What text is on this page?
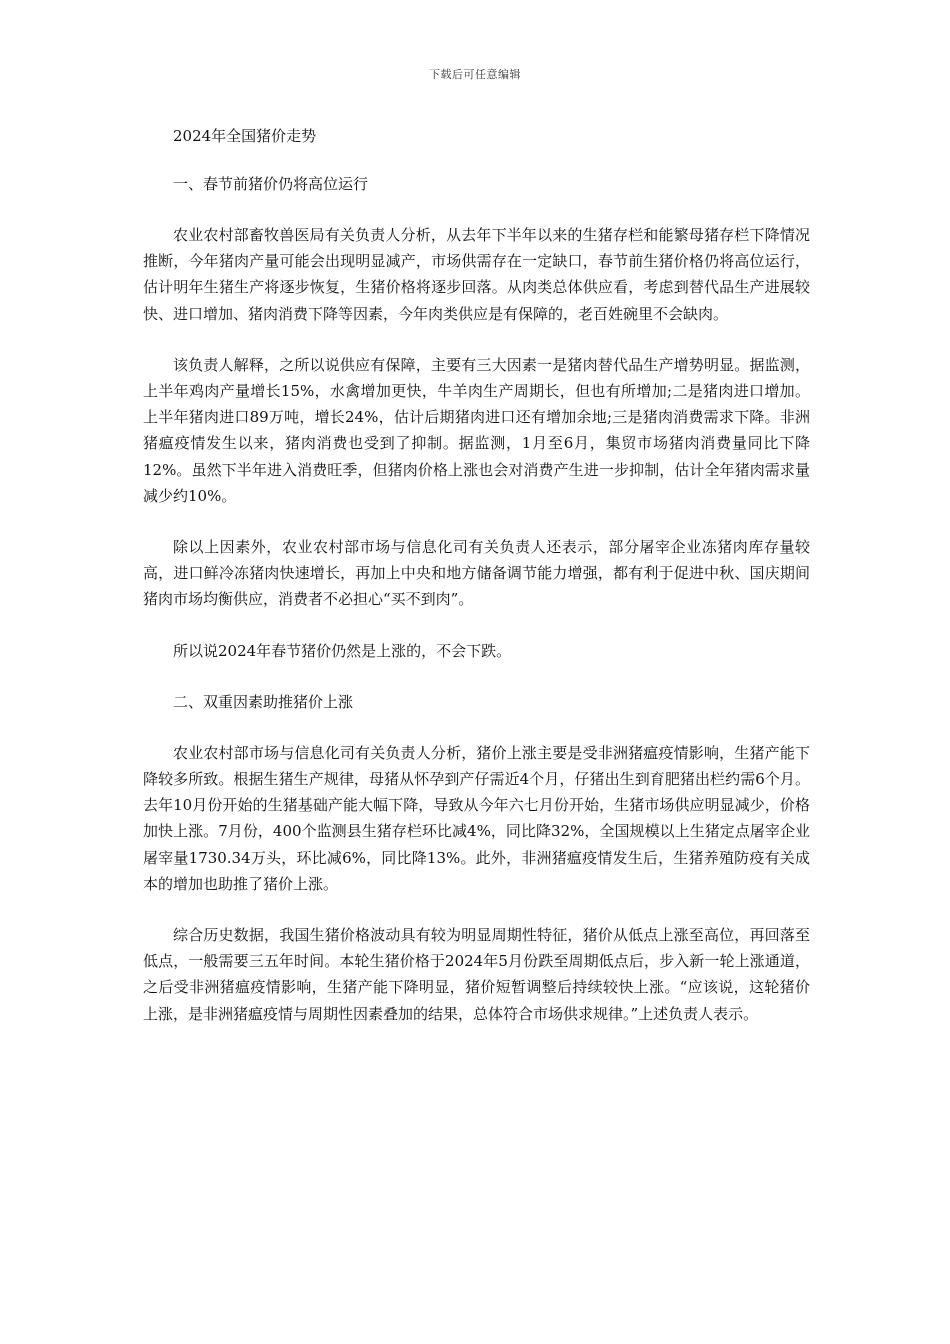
下载后可任意编辑

2024年全国猪价走势

一、春节前猪价仍将高位运行

农业农村部畜牧兽医局有关负责人分析，从去年下半年以来的生猪存栏和能繁母猪存栏下降情况推断，今年猪肉产量可能会出现明显减产，市场供需存在一定缺口，春节前生猪价格仍将高位运行，估计明年生猪生产将逐步恢复，生猪价格将逐步回落。从肉类总体供应看，考虑到替代品生产进展较快、进口增加、猪肉消费下降等因素，今年肉类供应是有保障的，老百姓碗里不会缺肉。

该负责人解释，之所以说供应有保障，主要有三大因素一是猪肉替代品生产增势明显。据监测，上半年鸡肉产量增长15%，水禽增加更快，牛羊肉生产周期长，但也有所增加;二是猪肉进口增加。上半年猪肉进口89万吨，增长24%，估计后期猪肉进口还有增加余地;三是猪肉消费需求下降。非洲猪瘟疫情发生以来，猪肉消费也受到了抑制。据监测，1月至6月，集贸市场猪肉消费量同比下降12%。虽然下半年进入消费旺季，但猪肉价格上涨也会对消费产生进一步抑制，估计全年猪肉需求量减少约10%。

除以上因素外，农业农村部市场与信息化司有关负责人还表示，部分屠宰企业冻猪肉库存量较高，进口鲜冷冻猪肉快速增长，再加上中央和地方储备调节能力增强，都有利于促进中秋、国庆期间猪肉市场均衡供应，消费者不必担心“买不到肉”。

所以说2024年春节猪价仍然是上涨的，不会下跌。

二、双重因素助推猪价上涨

农业农村部市场与信息化司有关负责人分析，猪价上涨主要是受非洲猪瘟疫情影响，生猪产能下降较多所致。根据生猪生产规律，母猪从怀孕到产仔需近4个月，仔猪出生到育肥猪出栏约需6个月。去年10月份开始的生猪基础产能大幅下降，导致从今年六七月份开始，生猪市场供应明显减少，价格加快上涨。7月份，400个监测县生猪存栏环比减4%，同比降32%，全国规模以上生猪定点屠宰企业屠宰量1730.34万头，环比减6%，同比降13%。此外，非洲猪瘟疫情发生后，生猪养殖防疫有关成本的增加也助推了猪价上涨。

综合历史数据，我国生猪价格波动具有较为明显周期性特征，猪价从低点上涨至高位，再回落至低点，一般需要三五年时间。本轮生猪价格于2024年5月份跌至周期低点后，步入新一轮上涨通道，之后受非洲猪瘟疫情影响，生猪产能下降明显，猪价短暂调整后持续较快上涨。“应该说，这轮猪价上涨，是非洲猪瘟疫情与周期性因素叠加的结果，总体符合市场供求规律。”上述负责人表示。
